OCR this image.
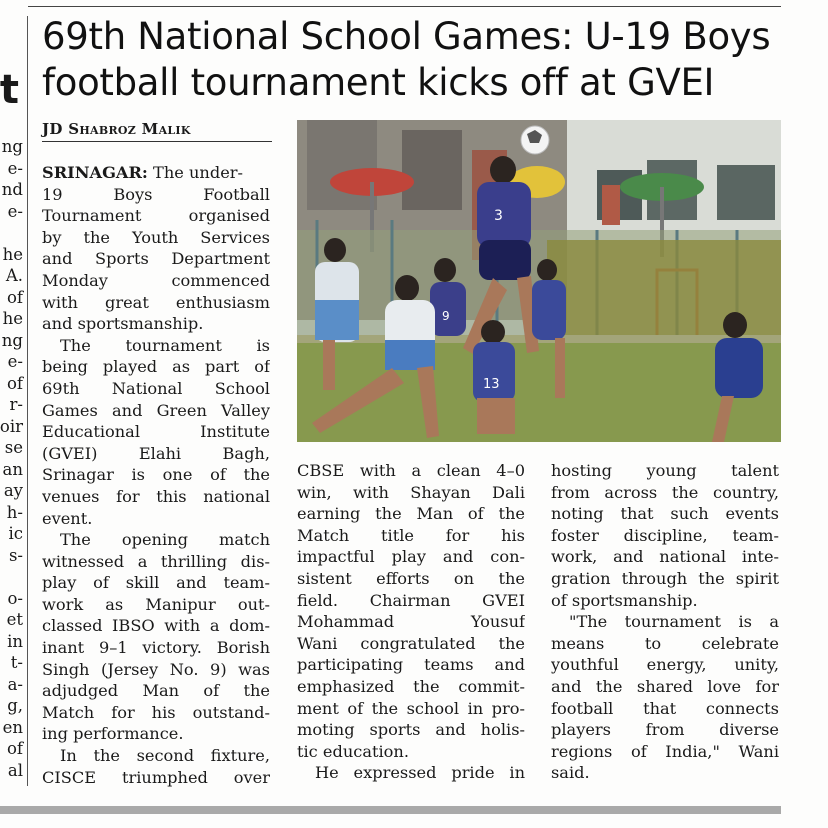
t
ng
e-
nd
e-

he
A.
of
he
ng
e-
of
r-
oir
se
an
ay
h-
ic
s-

o-
et
in
t-
a-
g,
en
of
al
69th National School Games: U-19 Boys
football tournament kicks off at GVEI
JD Shabroz Malik
SRINAGAR: The under-
19 Boys Football
Tournament organised
by the Youth Services
and Sports Department
Monday commenced
with great enthusiasm
and sportsmanship.
The tournament is
being played as part of
69th National School
Games and Green Valley
Educational Institute
(GVEI) Elahi Bagh,
Srinagar is one of the
venues for this national
event.
The opening match
witnessed a thrilling dis-
play of skill and team-
work as Manipur out-
classed IBSO with a dom-
inant 9–1 victory. Borish
Singh (Jersey No. 9) was
adjudged Man of the
Match for his outstand-
ing performance.
In the second fixture,
CISCE triumphed over
3
9
13
CBSE with a clean 4–0
win, with Shayan Dali
earning the Man of the
Match title for his
impactful play and con-
sistent efforts on the
field. Chairman GVEI
Mohammad Yousuf
Wani congratulated the
participating teams and
emphasized the commit-
ment of the school in pro-
moting sports and holis-
tic education.
He expressed pride in
hosting young talent
from across the country,
noting that such events
foster discipline, team-
work, and national inte-
gration through the spirit
of sportsmanship.
"The tournament is a
means to celebrate
youthful energy, unity,
and the shared love for
football that connects
players from diverse
regions of India," Wani
said.
